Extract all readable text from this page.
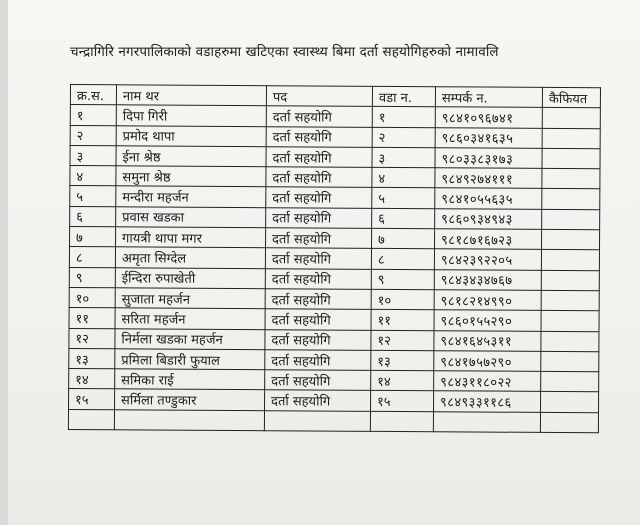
चन्द्रागिरि नगरपालिकाको वडाहरुमा खटिएका स्वास्थ्य बिमा दर्ता सहयोगिहरुको नामावलि
क्र.स.	नाम थर	पद	वडा न.	सम्पर्क न.	कैफियत
१	दिपा गिरी	दर्ता सहयोगि	१	९८४१०९६७४१	
२	प्रमोद थापा	दर्ता सहयोगि	२	९८६०३४१६३५	
३	ईना श्रेष्ठ	दर्ता सहयोगि	३	९८०३३८३१७३	
४	समुना श्रेष्ठ	दर्ता सहयोगि	४	९८४९२७४१११	
५	मन्दीरा महर्जन	दर्ता सहयोगि	५	९८४१०५५६३५	
६	प्रवास खडका	दर्ता सहयोगि	६	९८६०९३४९४३	
७	गायत्री थापा मगर	दर्ता सहयोगि	७	९८१८७१६७२३	
८	अमृता सिग्देल	दर्ता सहयोगि	८	९८४२३९२२०५	
९	ईन्दिरा रुपाखेती	दर्ता सहयोगि	९	९८४३४३४७६७	
१०	सुजाता महर्जन	दर्ता सहयोगि	१०	९८१८२१४९९०	
११	सरिता महर्जन	दर्ता सहयोगि	११	९८६०१५५२९०	
१२	निर्मला खडका महर्जन	दर्ता सहयोगि	१२	९८४१६४५३११	
१३	प्रमिला बिडारी फुयाल	दर्ता सहयोगि	१३	९८४१७५७२९०	
१४	समिका राई	दर्ता सहयोगि	१४	९८४३११८०२२	
१५	सर्मिला तण्डुकार	दर्ता सहयोगि	१५	९८४९३३११८६	
